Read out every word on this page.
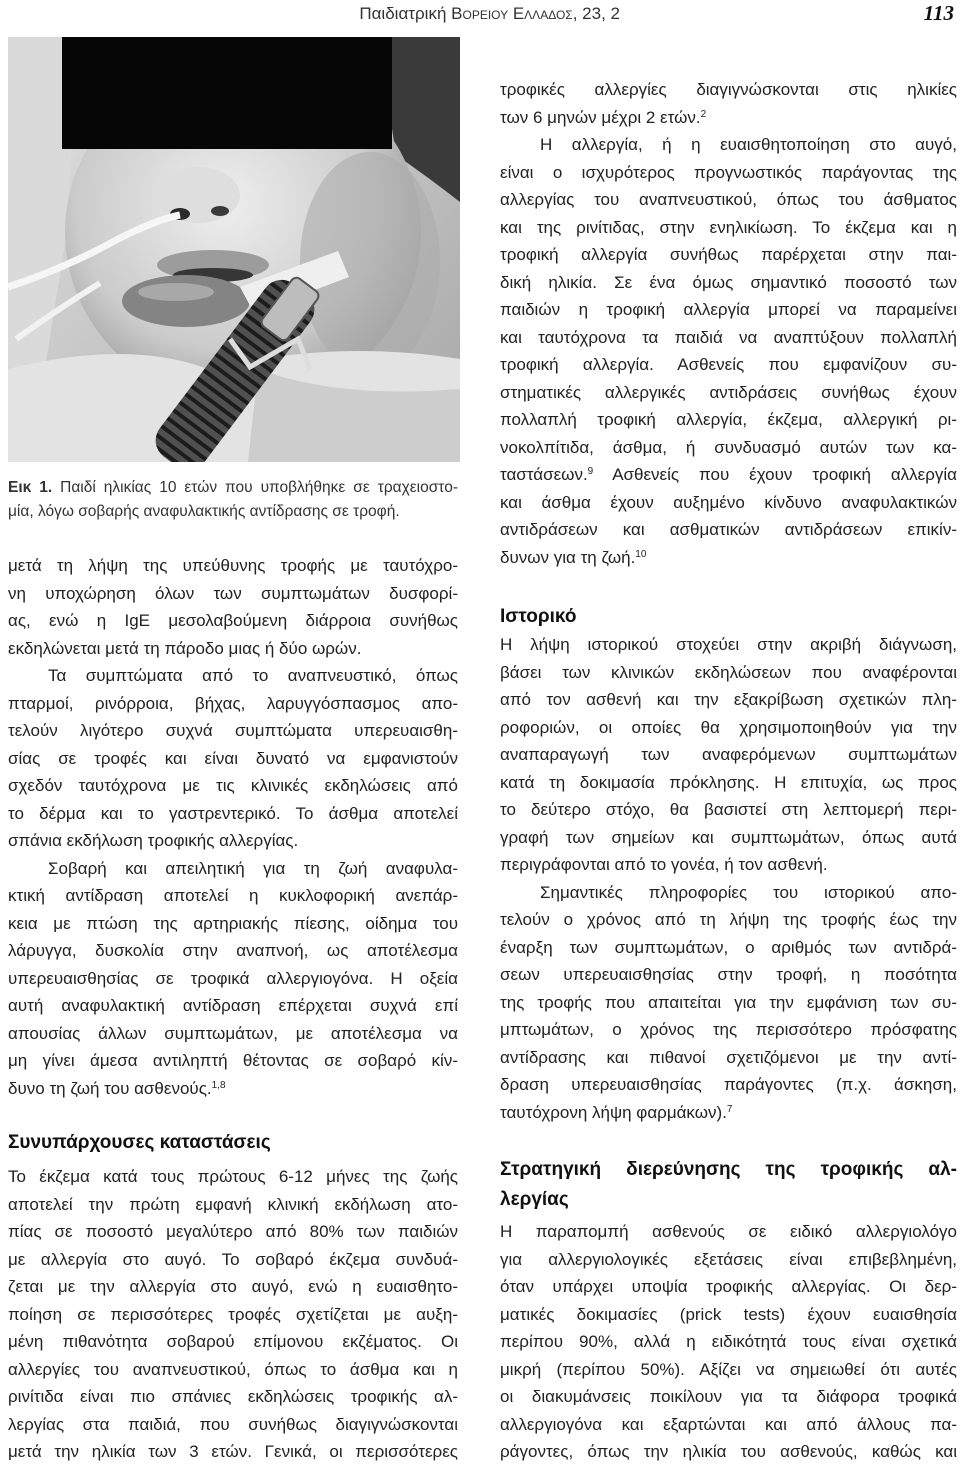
Παιδιατρική Βορειου Ελλαδος, 23, 2	113
Εικ 1. Παιδί ηλικίας 10 ετών που υποβλήθηκε σε τραχειοστο-
μία, λόγω σοβαρής αναφυλακτικής αντίδρασης σε τροφή.
μετά τη λήψη της υπεύθυνης τροφής με ταυτόχρο-
νη υποχώρηση όλων των συμπτωμάτων δυσφορί-
ας, ενώ η IgE μεσολαβούμενη διάρροια συνήθως
εκδηλώνεται μετά τη πάροδο μιας ή δύο ωρών.
Τα συμπτώματα από το αναπνευστικό, όπως
πταρμοί, ρινόρροια, βήχας, λαρυγγόσπασμος απο-
τελούν λιγότερο συχνά συμπτώματα υπερευαισθη-
σίας σε τροφές και είναι δυνατό να εμφανιστούν
σχεδόν ταυτόχρονα με τις κλινικές εκδηλώσεις από
το δέρμα και το γαστρεντερικό. Το άσθμα αποτελεί
σπάνια εκδήλωση τροφικής αλλεργίας.
Σοβαρή και απειλητική για τη ζωή αναφυλα-
κτική αντίδραση αποτελεί η κυκλοφορική ανεπάρ-
κεια με πτώση της αρτηριακής πίεσης, οίδημα του
λάρυγγα, δυσκολία στην αναπνοή, ως αποτέλεσμα
υπερευαισθησίας σε τροφικά αλλεργιογόνα. Η οξεία
αυτή αναφυλακτική αντίδραση επέρχεται συχνά επί
απουσίας άλλων συμπτωμάτων, με αποτέλεσμα να
μη γίνει άμεσα αντιληπτή θέτοντας σε σοβαρό κίν-
δυνο τη ζωή του ασθενούς.$^{1,8}$
Συνυπάρχουσες καταστάσεις
Το έκζεμα κατά τους πρώτους 6-12 μήνες της ζωής
αποτελεί την πρώτη εμφανή κλινική εκδήλωση ατο-
πίας σε ποσοστό μεγαλύτερο από 80% των παιδιών
με αλλεργία στο αυγό. Το σοβαρό έκζεμα συνδυά-
ζεται με την αλλεργία στο αυγό, ενώ η ευαισθητο-
ποίηση σε περισσότερες τροφές σχετίζεται με αυξη-
μένη πιθανότητα σοβαρού επίμονου εκζέματος. Οι
αλλεργίες του αναπνευστικού, όπως το άσθμα και η
ρινίτιδα είναι πιο σπάνιες εκδηλώσεις τροφικής αλ-
λεργίας στα παιδιά, που συνήθως διαγιγνώσκονται
μετά την ηλικία των 3 ετών. Γενικά, οι περισσότερες
τροφικές αλλεργίες διαγιγνώσκονται στις ηλικίες
των 6 μηνών μέχρι 2 ετών.$^2$
Η αλλεργία, ή η ευαισθητοποίηση στο αυγό,
είναι ο ισχυρότερος προγνωστικός παράγοντας της
αλλεργίας του αναπνευστικού, όπως του άσθματος
και της ρινίτιδας, στην ενηλικίωση. Το έκζεμα και η
τροφική αλλεργία συνήθως παρέρχεται στην παι-
δική ηλικία. Σε ένα όμως σημαντικό ποσοστό των
παιδιών η τροφική αλλεργία μπορεί να παραμείνει
και ταυτόχρονα τα παιδιά να αναπτύξουν πολλαπλή
τροφική αλλεργία. Ασθενείς που εμφανίζουν συ-
στηματικές αλλεργικές αντιδράσεις συνήθως έχουν
πολλαπλή τροφική αλλεργία, έκζεμα, αλλεργική ρι-
νοκολπίτιδα, άσθμα, ή συνδυασμό αυτών των κα-
ταστάσεων.$^9$ Ασθενείς που έχουν τροφική αλλεργία
και άσθμα έχουν αυξημένο κίνδυνο αναφυλακτικών
αντιδράσεων και ασθματικών αντιδράσεων επικίν-
δυνων για τη ζωή.$^{10}$
Ιστορικό
Η λήψη ιστορικού στοχεύει στην ακριβή διάγνωση,
βάσει των κλινικών εκδηλώσεων που αναφέρονται
από τον ασθενή και την εξακρίβωση σχετικών πλη-
ροφοριών, οι οποίες θα χρησιμοποιηθούν για την
αναπαραγωγή των αναφερόμενων συμπτωμάτων
κατά τη δοκιμασία πρόκλησης. Η επιτυχία, ως προς
το δεύτερο στόχο, θα βασιστεί στη λεπτομερή περι-
γραφή των σημείων και συμπτωμάτων, όπως αυτά
περιγράφονται από το γονέα, ή τον ασθενή.
Σημαντικές πληροφορίες του ιστορικού απο-
τελούν ο χρόνος από τη λήψη της τροφής έως την
έναρξη των συμπτωμάτων, ο αριθμός των αντιδρά-
σεων υπερευαισθησίας στην τροφή, η ποσότητα
της τροφής που απαιτείται για την εμφάνιση των συ-
μπτωμάτων, ο χρόνος της περισσότερο πρόσφατης
αντίδρασης και πιθανοί σχετιζόμενοι με την αντί-
δραση υπερευαισθησίας παράγοντες (π.χ. άσκηση,
ταυτόχρονη λήψη φαρμάκων).$^7$
Στρατηγική διερεύνησης της τροφικής αλ-
λεργίας
Η παραπομπή ασθενούς σε ειδικό αλλεργιολόγο
για αλλεργιολογικές εξετάσεις είναι επιβεβλημένη,
όταν υπάρχει υποψία τροφικής αλλεργίας. Οι δερ-
ματικές δοκιμασίες (prick tests) έχουν ευαισθησία
περίπου 90%, αλλά η ειδικότητά τους είναι σχετικά
μικρή (περίπου 50%). Αξίζει να σημειωθεί ότι αυτές
οι διακυμάνσεις ποικίλουν για τα διάφορα τροφικά
αλλεργιογόνα και εξαρτώνται και από άλλους πα-
ράγοντες, όπως την ηλικία του ασθενούς, καθώς και
